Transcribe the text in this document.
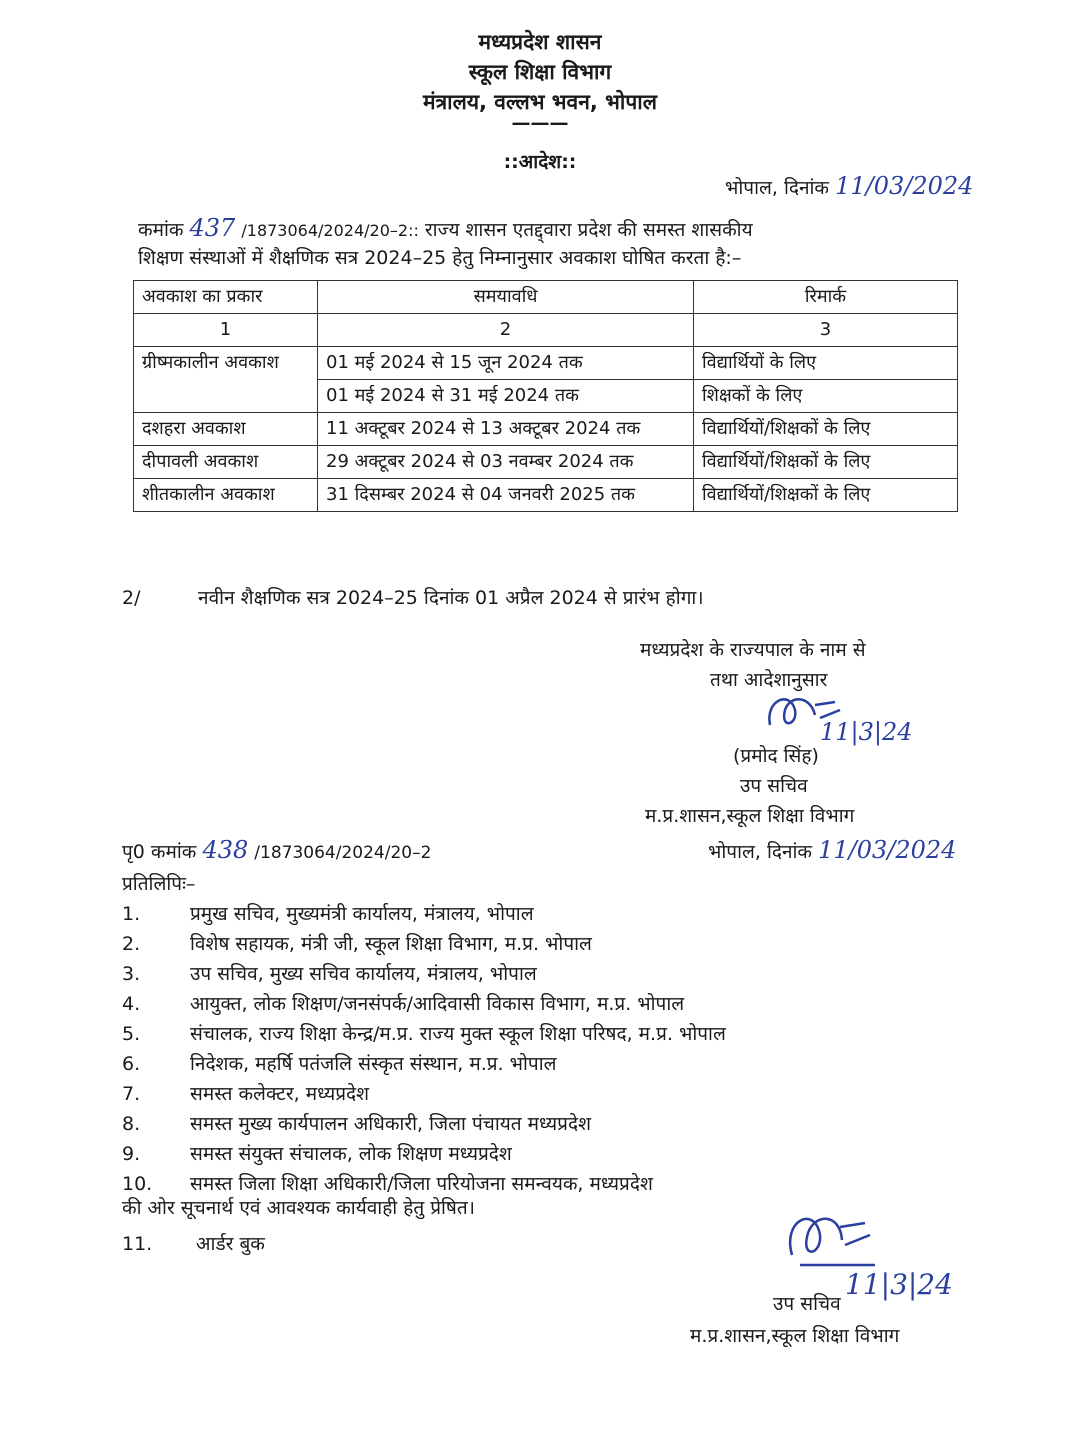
मध्यप्रदेश शासन
स्कूल शिक्षा विभाग
मंत्रालय, वल्लभ भवन, भोपाल
———
::आदेश::
भोपाल, दिनांक 11/03/2024
कमांक 437 /1873064/2024/20–2:: राज्य शासन एतद्द्वारा प्रदेश की समस्त शासकीय
शिक्षण संस्थाओं में शैक्षणिक सत्र 2024–25 हेतु निम्नानुसार अवकाश घोषित करता है:–
अवकाश का प्रकार	समयावधि	रिमार्क
1	2	3
ग्रीष्मकालीन अवकाश	01 मई 2024 से 15 जून 2024 तक	विद्यार्थियों के लिए
	01 मई 2024 से 31 मई 2024 तक	शिक्षकों के लिए
दशहरा अवकाश	11 अक्टूबर 2024 से 13 अक्टूबर 2024 तक	विद्यार्थियों/शिक्षकों के लिए
दीपावली अवकाश	29 अक्टूबर 2024 से 03 नवम्बर 2024 तक	विद्यार्थियों/शिक्षकों के लिए
शीतकालीन अवकाश	31 दिसम्बर 2024 से 04 जनवरी 2025 तक	विद्यार्थियों/शिक्षकों के लिए
2/	नवीन शैक्षणिक सत्र 2024–25 दिनांक 01 अप्रैल 2024 से प्रारंभ होगा।
मध्यप्रदेश के राज्यपाल के नाम से
तथा आदेशानुसार
11|3|24
(प्रमोद सिंह)
उप सचिव
म.प्र.शासन,स्कूल शिक्षा विभाग
पृ0 कमांक 438 /1873064/2024/20–2	भोपाल, दिनांक 11/03/2024
प्रतिलिपिः–
1.	प्रमुख सचिव, मुख्यमंत्री कार्यालय, मंत्रालय, भोपाल
2.	विशेष सहायक, मंत्री जी, स्कूल शिक्षा विभाग, म.प्र. भोपाल
3.	उप सचिव, मुख्य सचिव कार्यालय, मंत्रालय, भोपाल
4.	आयुक्त, लोक शिक्षण/जनसंपर्क/आदिवासी विकास विभाग, म.प्र. भोपाल
5.	संचालक, राज्य शिक्षा केन्द्र/म.प्र. राज्य मुक्त स्कूल शिक्षा परिषद, म.प्र. भोपाल
6.	निदेशक, महर्षि पतंजलि संस्कृत संस्थान, म.प्र. भोपाल
7.	समस्त कलेक्टर, मध्यप्रदेश
8.	समस्त मुख्य कार्यपालन अधिकारी, जिला पंचायत मध्यप्रदेश
9.	समस्त संयुक्त संचालक, लोक शिक्षण मध्यप्रदेश
10. समस्त जिला शिक्षा अधिकारी/जिला परियोजना समन्वयक, मध्यप्रदेश
की ओर सूचनार्थ एवं आवश्यक कार्यवाही हेतु प्रेषित।
11. आर्डर बुक
11|3|24
उप सचिव
म.प्र.शासन,स्कूल शिक्षा विभाग
